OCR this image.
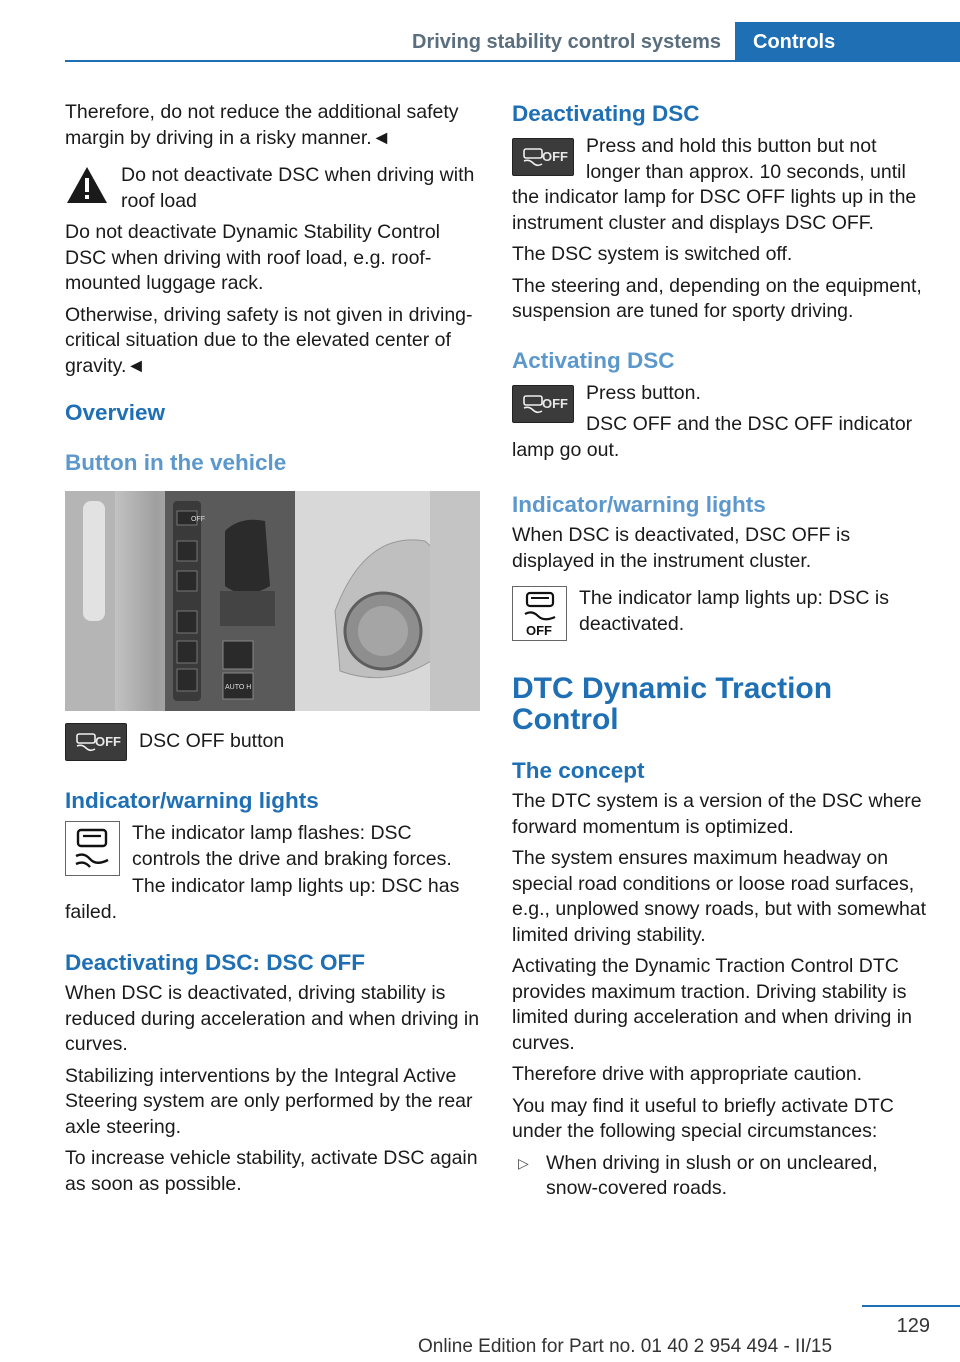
Driving stability control systems	Controls

Therefore, do not reduce the additional safety margin by driving in a risky manner.◄

Do not deactivate DSC when driving with roof load

Do not deactivate Dynamic Stability Control DSC when driving with roof load, e.g. roof-mounted luggage rack.

Otherwise, driving safety is not given in driving-critical situation due to the elevated center of gravity.◄

Overview
Button in the vehicle
OFF
AUTO H
OFF DSC OFF button

Indicator/warning lights

The indicator lamp flashes: DSC controls the drive and braking forces.

The indicator lamp lights up: DSC has failed.

Deactivating DSC: DSC OFF

When DSC is deactivated, driving stability is reduced during acceleration and when driving in curves.

Stabilizing interventions by the Integral Active Steering system are only performed by the rear axle steering.

To increase vehicle stability, activate DSC again as soon as possible.

Deactivating DSC
OFF Press and hold this button but not longer than approx. 10 seconds, until the indicator lamp for DSC OFF lights up in the instrument cluster and displays DSC OFF.

The DSC system is switched off.

The steering and, depending on the equipment, suspension are tuned for sporty driving.

Activating DSC
OFF Press button.

DSC OFF and the DSC OFF indicator lamp go out.

Indicator/warning lights

When DSC is deactivated, DSC OFF is displayed in the instrument cluster.

OFF

The indicator lamp lights up: DSC is deactivated.

DTC Dynamic Traction Control
The concept

The DTC system is a version of the DSC where forward momentum is optimized.

The system ensures maximum headway on special road conditions or loose road surfaces, e.g., unplowed snowy roads, but with somewhat limited driving stability.

Activating the Dynamic Traction Control DTC provides maximum traction. Driving stability is limited during acceleration and when driving in curves.

Therefore drive with appropriate caution.

You may find it useful to briefly activate DTC under the following special circumstances:

▷ When driving in slush or on uncleared, snow-covered roads.

129
Online Edition for Part no. 01 40 2 954 494 - II/15
